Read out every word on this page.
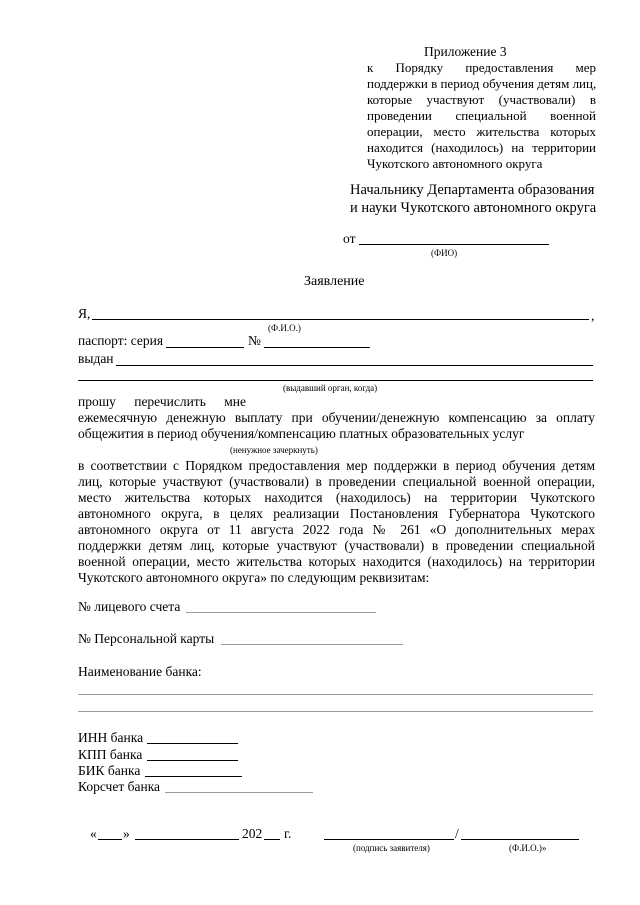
Приложение 3
к Порядку предоставления мер
поддержки в период обучения детям лиц,
которые участвуют (участвовали) в
проведении специальной военной
операции, место жительства которых
находится (находилось) на территории
Чукотского автономного округа
Начальнику Департамента образования
и науки Чукотского автономного округа
от
(ФИО)
Заявление
Я,	,
(Ф.И.О.)
паспорт: серия	№
выдан
(выдавший орган, когда)
прошу перечислить мне
ежемесячную денежную выплату при обучении/денежную компенсацию за оплату
общежития в период обучения/компенсацию платных образовательных услуг
(ненужное зачеркнуть)
в соответствии с Порядком предоставления мер поддержки в период обучения детям
лиц, которые участвуют (участвовали) в проведении специальной военной операции,
место жительства которых находится (находилось) на территории Чукотского
автономного округа, в целях реализации Постановления Губернатора Чукотского
автономного округа от 11 августа 2022 года № 261 «О дополнительных мерах
поддержки детям лиц, которые участвуют (участвовали) в проведении специальной
военной операции, место жительства которых находится (находилось) на территории
Чукотского автономного округа» по следующим реквизитам:
№ лицевого счета
№ Персональной карты
Наименование банка:
ИНН банка
КПП банка
БИК банка
Корсчет банка
« »	202 г.	/
(подпись заявителя)	(Ф.И.О.)»
